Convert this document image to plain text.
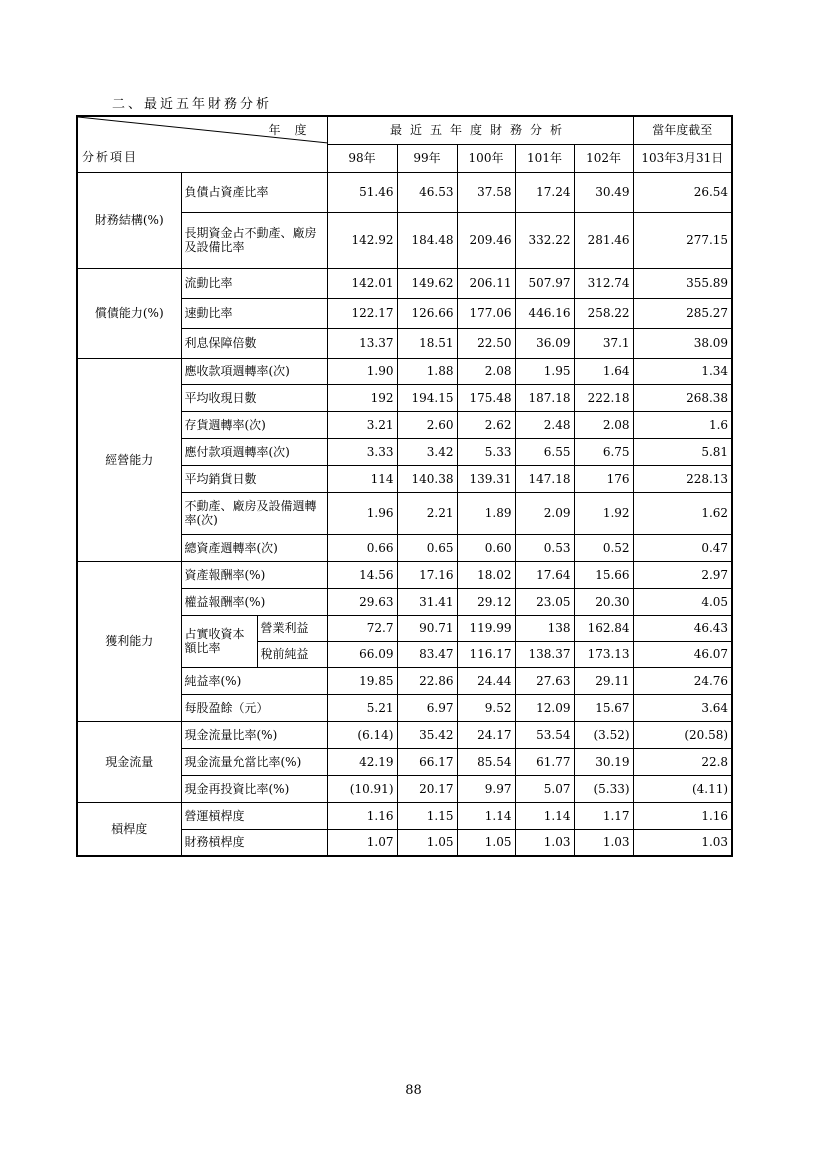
二、最近五年財務分析
年度
分析項目			最近五年度財務分析					當年度截至
			98年	99年	100年	101年	102年	103年3月31日
財務結構(%)	負債占資產比率		51.46	46.53	37.58	17.24	30.49	26.54
	長期資金占不動產、廠房及設備比率		142.92	184.48	209.46	332.22	281.46	277.15
償債能力(%)	流動比率		142.01	149.62	206.11	507.97	312.74	355.89
	速動比率		122.17	126.66	177.06	446.16	258.22	285.27
	利息保障倍數		13.37	18.51	22.50	36.09	37.1	38.09
經營能力	應收款項週轉率(次)		1.90	1.88	2.08	1.95	1.64	1.34
	平均收現日數		192	194.15	175.48	187.18	222.18	268.38
	存貨週轉率(次)		3.21	2.60	2.62	2.48	2.08	1.6
	應付款項週轉率(次)		3.33	3.42	5.33	6.55	6.75	5.81
	平均銷貨日數		114	140.38	139.31	147.18	176	228.13
	不動產、廠房及設備週轉率(次)		1.96	2.21	1.89	2.09	1.92	1.62
	總資產週轉率(次)		0.66	0.65	0.60	0.53	0.52	0.47
獲利能力	資產報酬率(%)		14.56	17.16	18.02	17.64	15.66	2.97
	權益報酬率(%)		29.63	31.41	29.12	23.05	20.30	4.05
	占實收資本額比率	營業利益	72.7	90.71	119.99	138	162.84	46.43
		稅前純益	66.09	83.47	116.17	138.37	173.13	46.07
	純益率(%)		19.85	22.86	24.44	27.63	29.11	24.76
	每股盈餘（元）		5.21	6.97	9.52	12.09	15.67	3.64
現金流量	現金流量比率(%)		(6.14)	35.42	24.17	53.54	(3.52)	(20.58)
	現金流量允當比率(%)		42.19	66.17	85.54	61.77	30.19	22.8
	現金再投資比率(%)		(10.91)	20.17	9.97	5.07	(5.33)	(4.11)
槓桿度	營運槓桿度		1.16	1.15	1.14	1.14	1.17	1.16
	財務槓桿度		1.07	1.05	1.05	1.03	1.03	1.03
88
